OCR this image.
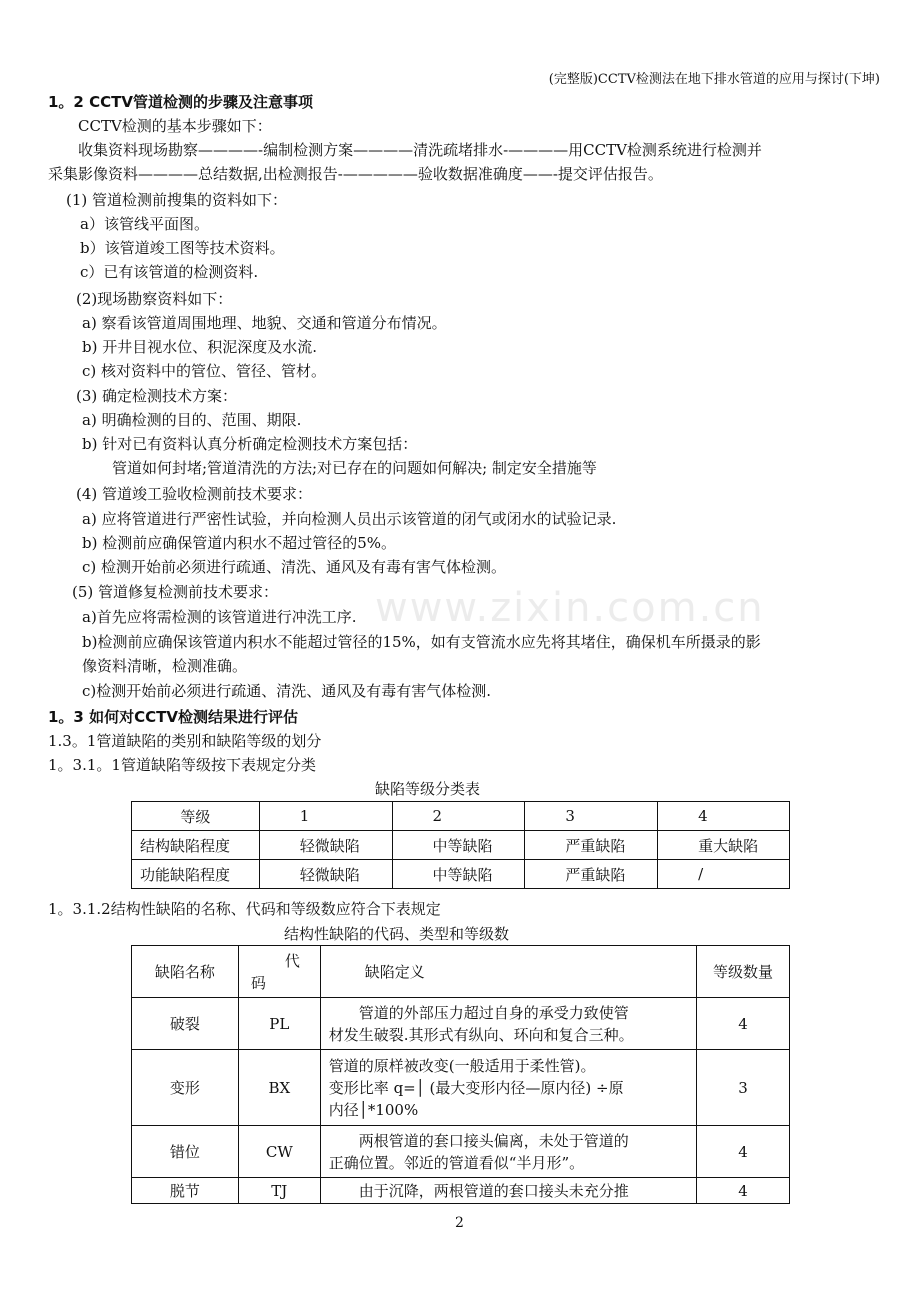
(完整版)CCTV检测法在地下排水管道的应用与探讨(下坤)
1。2 CCTV管道检测的步骤及注意事项
CCTV检测的基本步骤如下：
收集资料现场勘察————-编制检测方案————清洗疏堵排水-————用CCTV检测系统进行检测并
采集影像资料————总结数据,出检测报告-—————验收数据准确度——-提交评估报告。
(1) 管道检测前搜集的资料如下：
a）该管线平面图。
b）该管道竣工图等技术资料。
c）已有该管道的检测资料.
(2)现场勘察资料如下：
a) 察看该管道周围地理、地貌、交通和管道分布情况。
b) 开井目视水位、积泥深度及水流.
c) 核对资料中的管位、管径、管材。
(3) 确定检测技术方案：
a) 明确检测的目的、范围、期限.
b) 针对已有资料认真分析确定检测技术方案包括：
管道如何封堵;管道清洗的方法;对已存在的问题如何解决; 制定安全措施等
(4) 管道竣工验收检测前技术要求：
a) 应将管道进行严密性试验，并向检测人员出示该管道的闭气或闭水的试验记录.
b) 检测前应确保管道内积水不超过管径的5%。
c) 检测开始前必须进行疏通、清洗、通风及有毒有害气体检测。
(5) 管道修复检测前技术要求：
a)首先应将需检测的该管道进行冲洗工序.
b)检测前应确保该管道内积水不能超过管径的15%，如有支管流水应先将其堵住，确保机车所摄录的影
像资料清晰，检测准确。
c)检测开始前必须进行疏通、清洗、通风及有毒有害气体检测.
1。3 如何对CCTV检测结果进行评估
1.3。1管道缺陷的类别和缺陷等级的划分
1。3.1。1管道缺陷等级按下表规定分类
缺陷等级分类表
等级	1	2	3	4
结构缺陷程度	轻微缺陷	中等缺陷	严重缺陷	重大缺陷
功能缺陷程度	轻微缺陷	中等缺陷	严重缺陷	/
1。3.1.2结构性缺陷的名称、代码和等级数应符合下表规定
结构性缺陷的代码、类型和等级数
缺陷名称	代
码	缺陷定义	等级数量
破裂	PL	管道的外部压力超过自身的承受力致使管
材发生破裂.其形式有纵向、环向和复合三种。	4
变形	BX	管道的原样被改变(一般适用于柔性管)。
变形比率 q=│ (最大变形内径—原内径) ÷原
内径│*100%	3
错位	CW	两根管道的套口接头偏离，未处于管道的
正确位置。邻近的管道看似“半月形”。	4
脱节	TJ	由于沉降，两根管道的套口接头未充分推	4
www.zixin.com.cn
2
